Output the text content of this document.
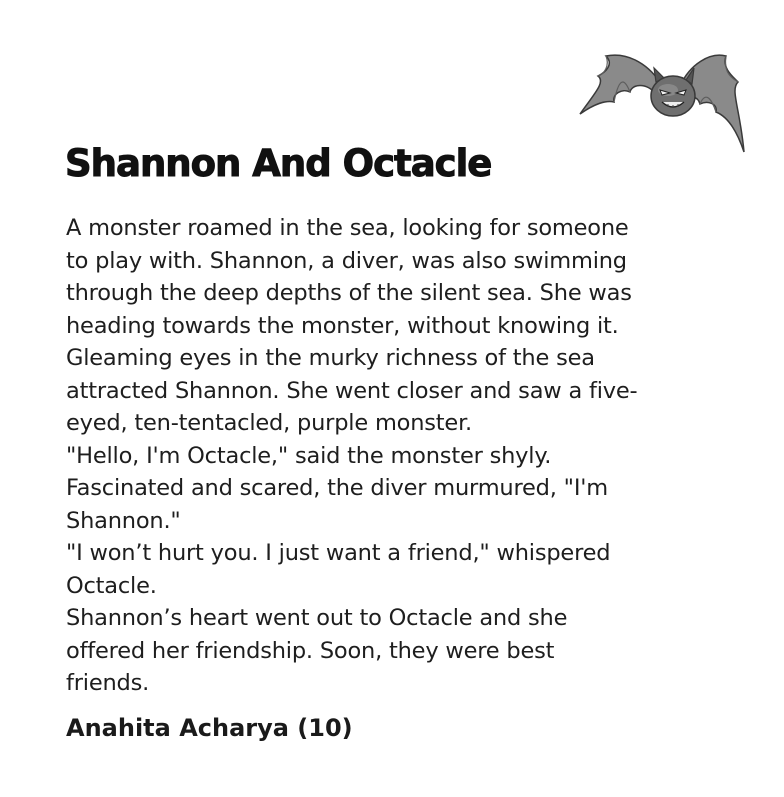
Shannon And Octacle
A monster roamed in the sea, looking for someone
to play with. Shannon, a diver, was also swimming
through the deep depths of the silent sea. She was
heading towards the monster, without knowing it.
Gleaming eyes in the murky richness of the sea
attracted Shannon. She went closer and saw a five-
eyed, ten-tentacled, purple monster.
"Hello, I'm Octacle," said the monster shyly.
Fascinated and scared, the diver murmured, "I'm
Shannon."
"I won’t hurt you. I just want a friend," whispered
Octacle.
Shannon’s heart went out to Octacle and she
offered her friendship. Soon, they were best
friends.
Anahita Acharya (10)
